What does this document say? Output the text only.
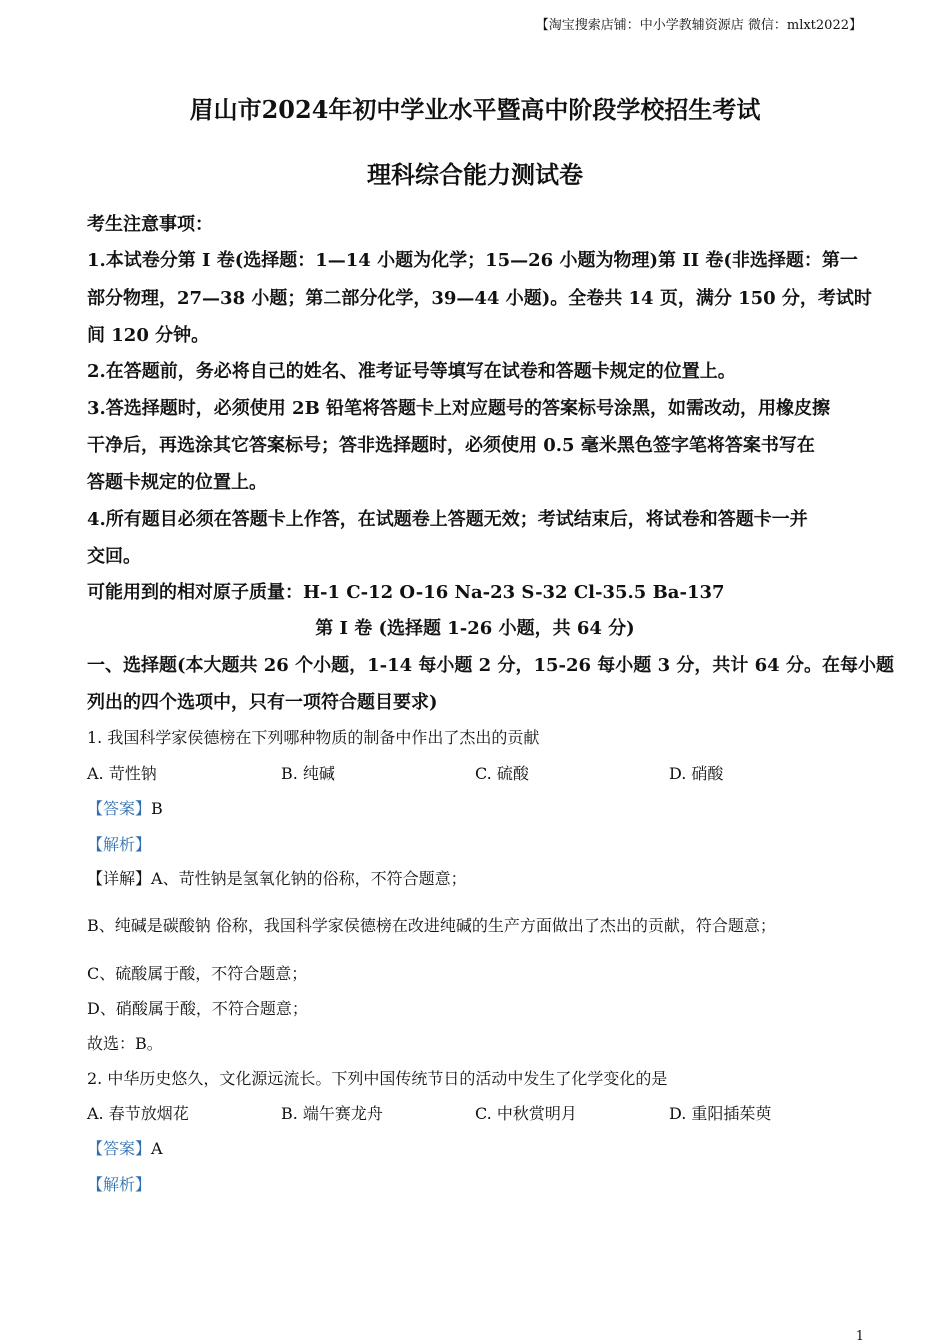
【淘宝搜索店铺：中小学教辅资源店 微信：mlxt2022】
眉山市2024年初中学业水平暨高中阶段学校招生考试
理科综合能力测试卷
考生注意事项：
1.本试卷分第 I 卷(选择题：1—14 小题为化学；15—26 小题为物理)第 II 卷(非选择题：第一
部分物理，27—38 小题；第二部分化学，39—44 小题)。全卷共 14 页，满分 150 分，考试时
间 120 分钟。
2.在答题前，务必将自己的姓名、准考证号等填写在试卷和答题卡规定的位置上。
3.答选择题时，必须使用 2B 铅笔将答题卡上对应题号的答案标号涂黑，如需改动，用橡皮擦
干净后，再选涂其它答案标号；答非选择题时，必须使用 0.5 毫米黑色签字笔将答案书写在
答题卡规定的位置上。
4.所有题目必须在答题卡上作答，在试题卷上答题无效；考试结束后，将试卷和答题卡一并
交回。
可能用到的相对原子质量：H-1 C-12 O-16 Na-23 S-32 Cl-35.5 Ba-137
第 I 卷 (选择题 1-26 小题，共 64 分)
一、选择题(本大题共 26 个小题，1-14 每小题 2 分，15-26 每小题 3 分，共计 64 分。在每小题
列出的四个选项中，只有一项符合题目要求)
1. 我国科学家侯德榜在下列哪种物质的制备中作出了杰出的贡献
A. 苛性钠	B. 纯碱	C. 硫酸	D. 硝酸
【答案】B
【解析】
【详解】A、苛性钠是氢氧化钠的俗称，不符合题意；
B、纯碱是碳酸钠 俗称，我国科学家侯德榜在改进纯碱的生产方面做出了杰出的贡献，符合题意；
C、硫酸属于酸，不符合题意；
D、硝酸属于酸，不符合题意；
故选：B。
2. 中华历史悠久，文化源远流长。下列中国传统节日的活动中发生了化学变化的是
A. 春节放烟花	B. 端午赛龙舟	C. 中秋赏明月	D. 重阳插茱萸
【答案】A
【解析】
1
